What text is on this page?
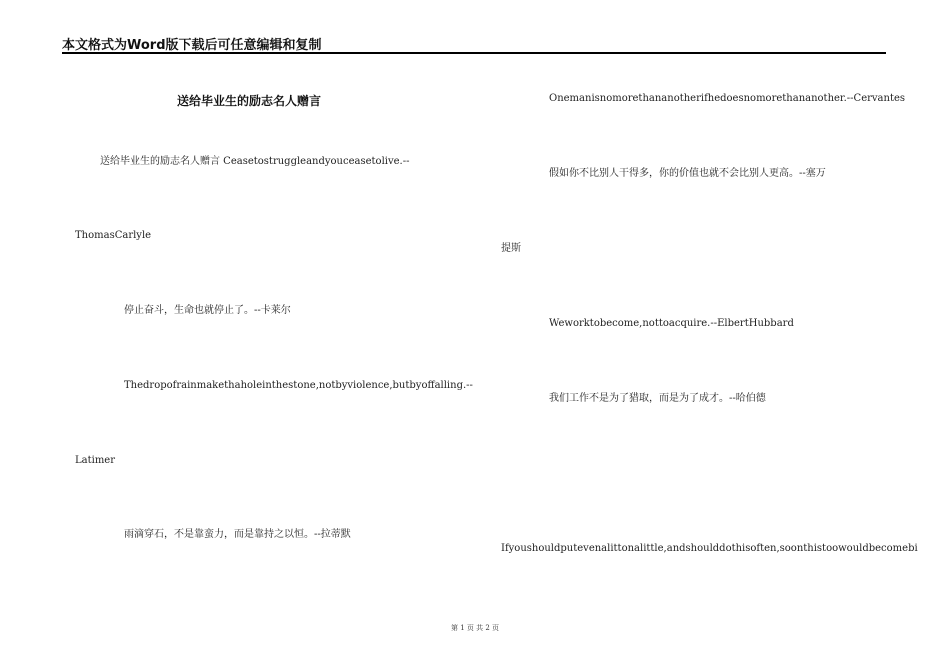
本文格式为Word版下载后可任意编辑和复制
送给毕业生的励志名人赠言
送给毕业生的励志名人赠言 Ceasetostruggleandyouceasetolive.--
ThomasCarlyle
停止奋斗，生命也就停止了。--卡莱尔
Thedropofrainmakethaholeinthestone,notbyviolence,butbyoffalling.--
Latimer
雨滴穿石，不是靠蛮力，而是靠持之以恒。--拉蒂默
Onemanisnomorethananotherifhedoesnomorethananother.--Cervantes
假如你不比别人干得多，你的价值也就不会比别人更高。--塞万
提斯
Weworktobecome,nottoacquire.--ElbertHubbard
我们工作不是为了猎取，而是为了成才。--哈伯德
Ifyoushouldputevenalittonalittle,andshoulddothisoften,soonthistoowouldbecomebi
第 1 页 共 2 页
